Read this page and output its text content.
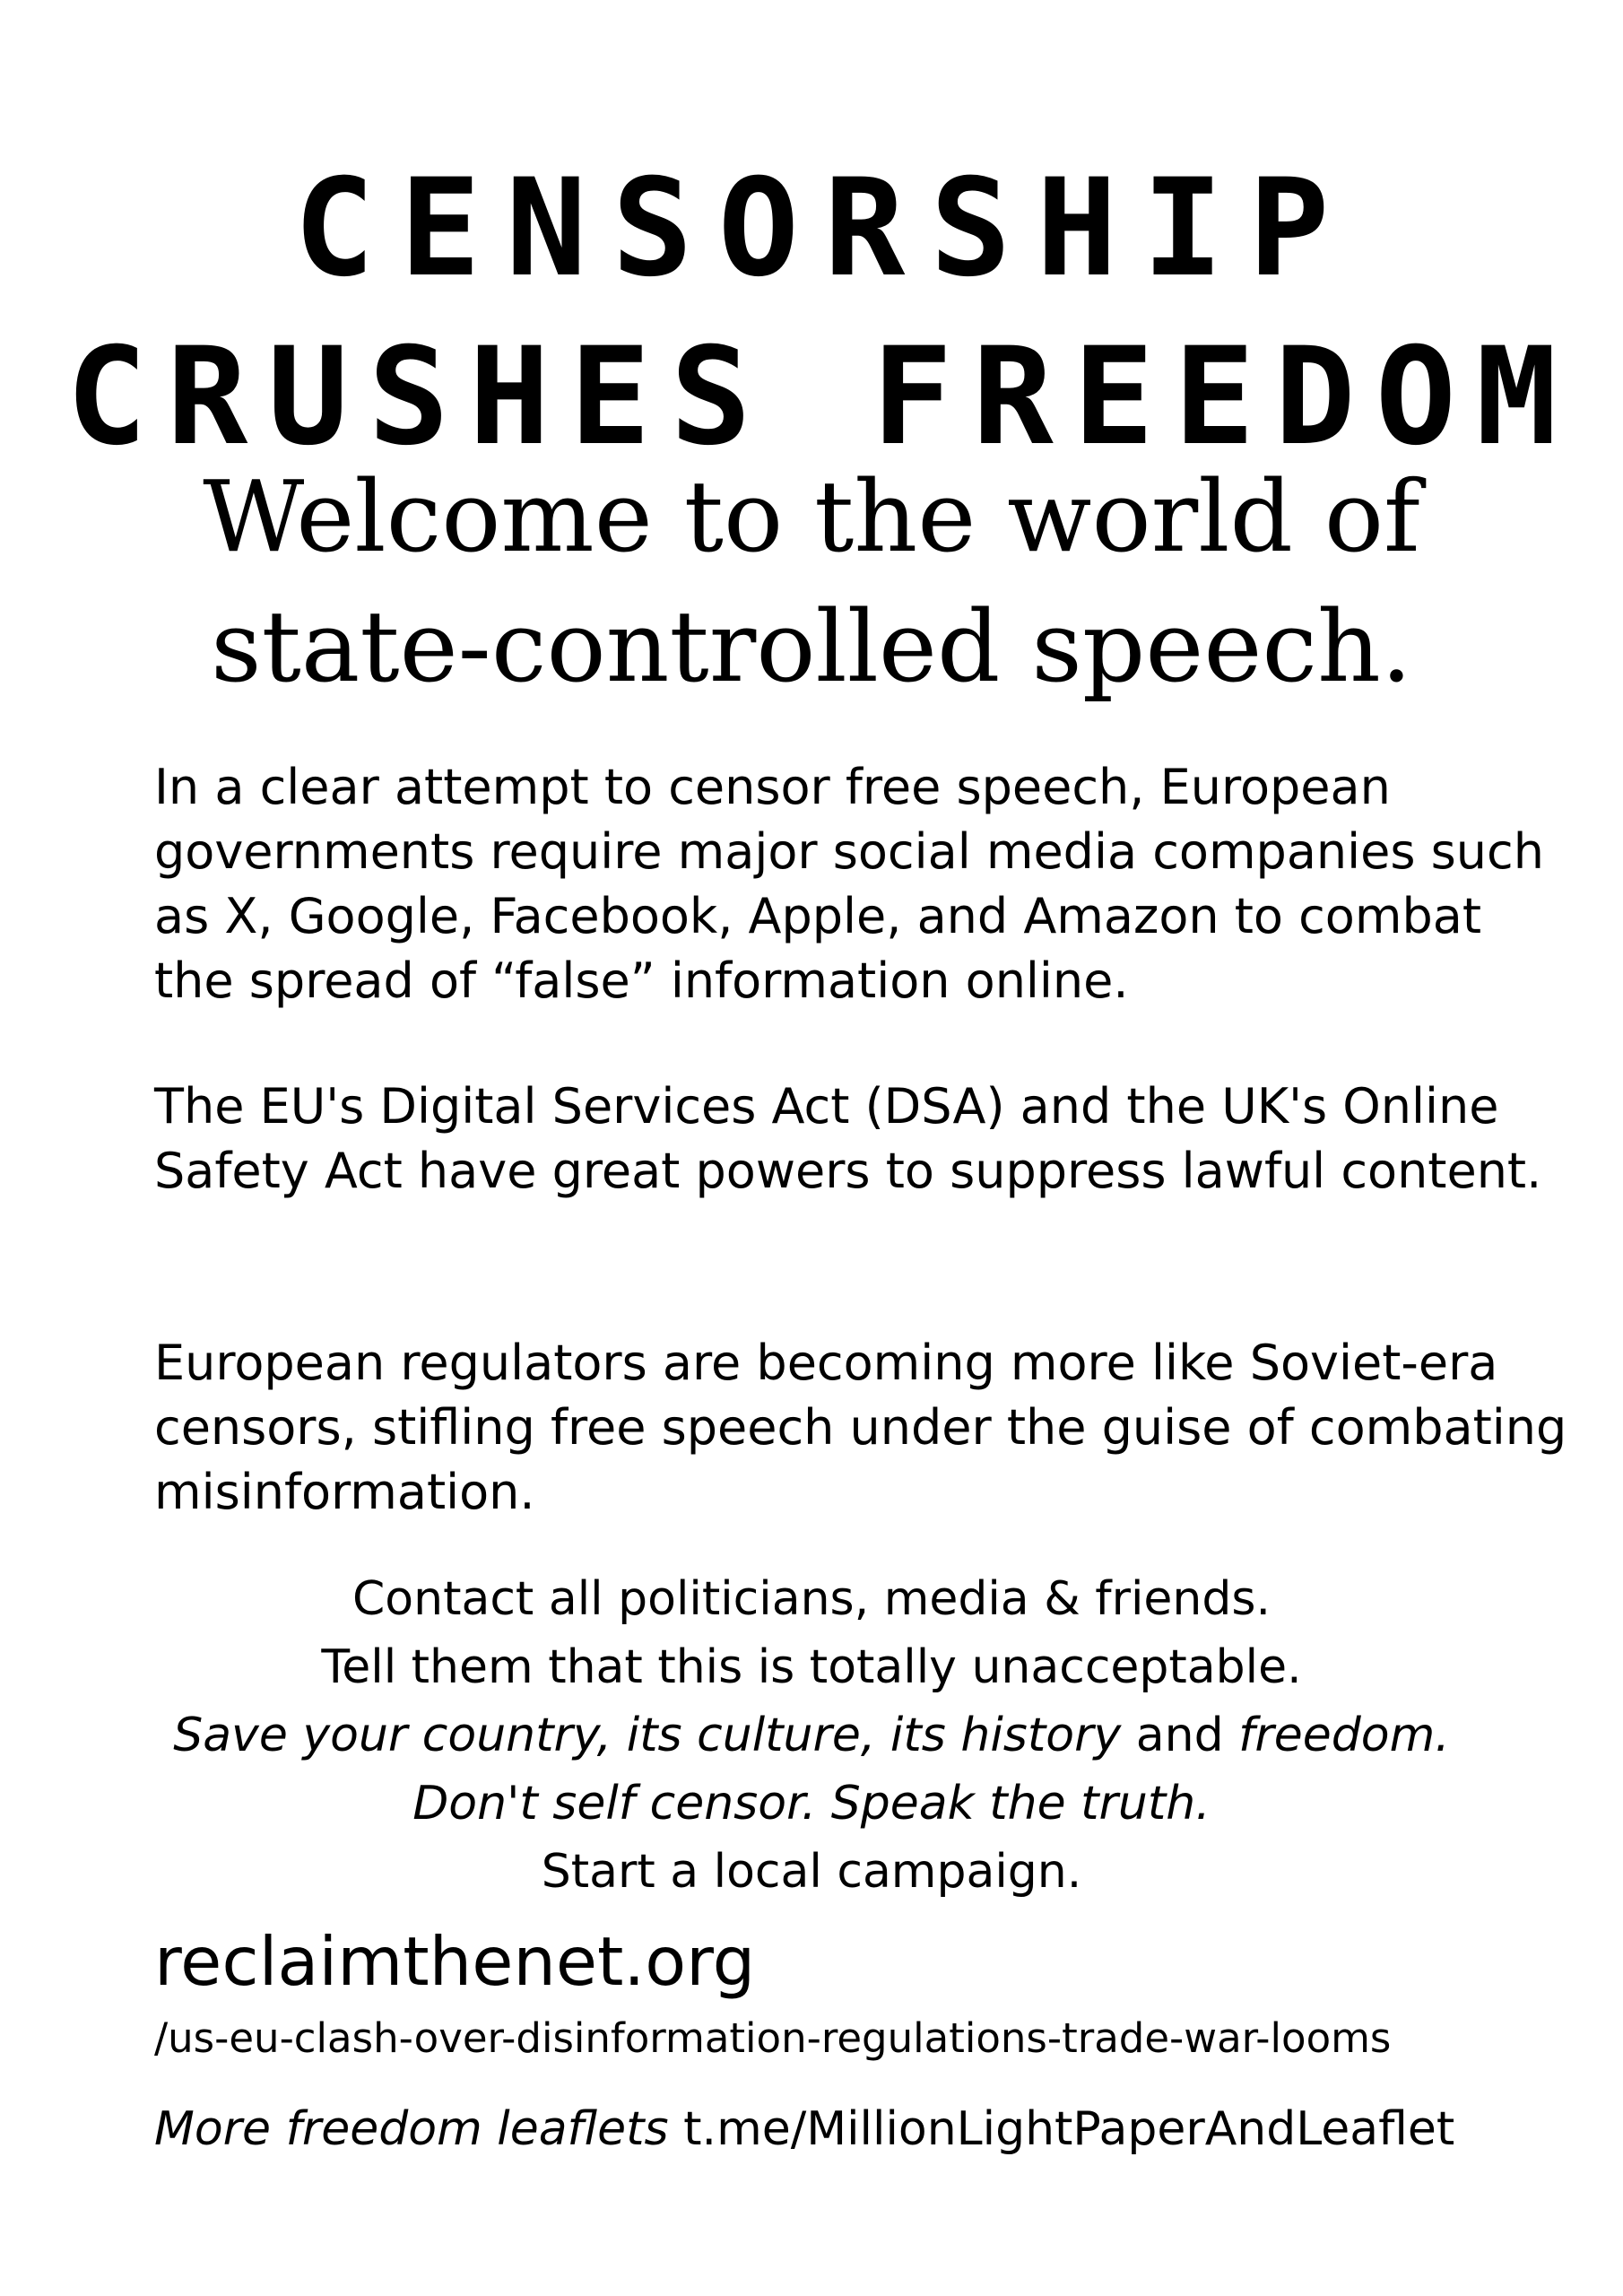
CENSORSHIP
CRUSHES FREEDOM
Welcome to the world of
state-controlled speech.
In a clear attempt to censor free speech, European governments require major social media companies such as X, Google, Facebook, Apple, and Amazon to combat the spread of “false” information online.
The EU's Digital Services Act (DSA) and the UK's Online Safety Act have great powers to suppress lawful content.
European regulators are becoming more like Soviet-era censors, stifling free speech under the guise of combating misinformation.
Contact all politicians, media & friends.
Tell them that this is totally unacceptable.
Save your country, its culture, its history and freedom.
Don't self censor. Speak the truth.
Start a local campaign.
reclaimthenet.org
/us-eu-clash-over-disinformation-regulations-trade-war-looms
More freedom leaflets t.me/MillionLightPaperAndLeaflet
